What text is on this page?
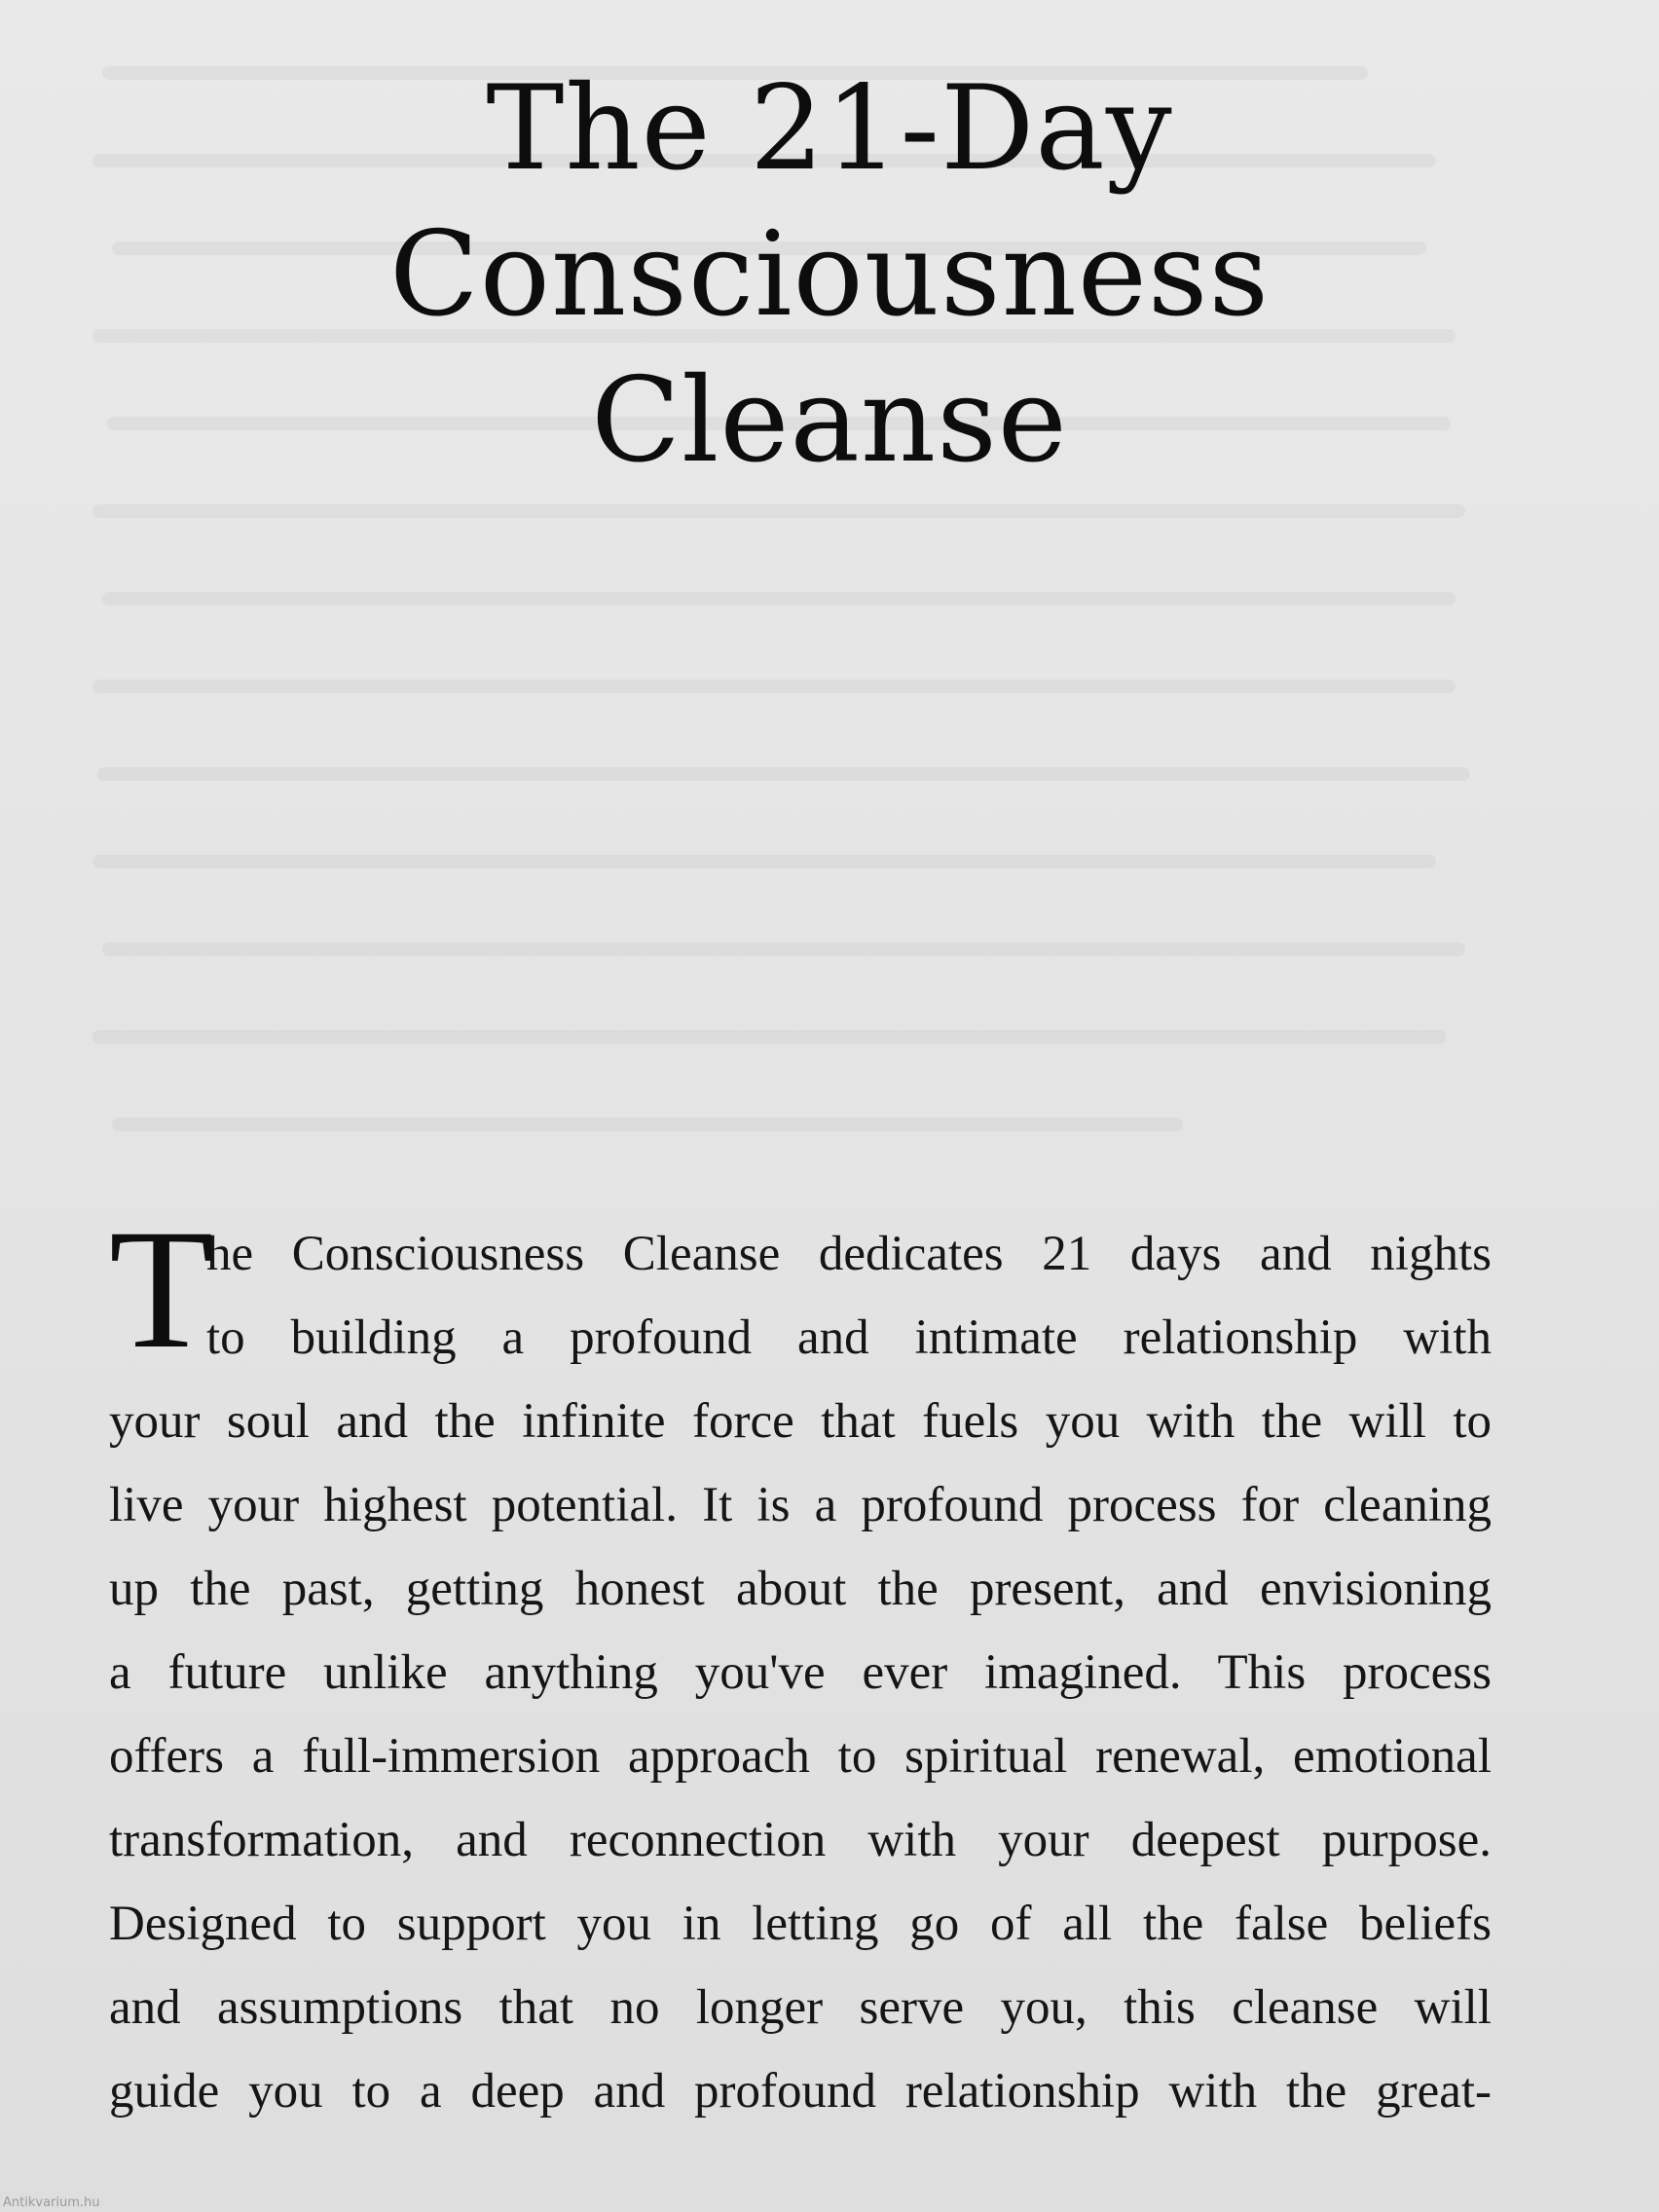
The 21-Day
Consciousness
Cleanse
T
he Consciousness Cleanse dedicates 21 days and nights
to building a profound and intimate relationship with
your soul and the infinite force that fuels you with the will to
live your highest potential. It is a profound process for cleaning
up the past, getting honest about the present, and envisioning
a future unlike anything you've ever imagined. This process
offers a full-immersion approach to spiritual renewal, emotional
transformation, and reconnection with your deepest purpose.
Designed to support you in letting go of all the false beliefs
and assumptions that no longer serve you, this cleanse will
guide you to a deep and profound relationship with the great-
Antikvarium.hu
